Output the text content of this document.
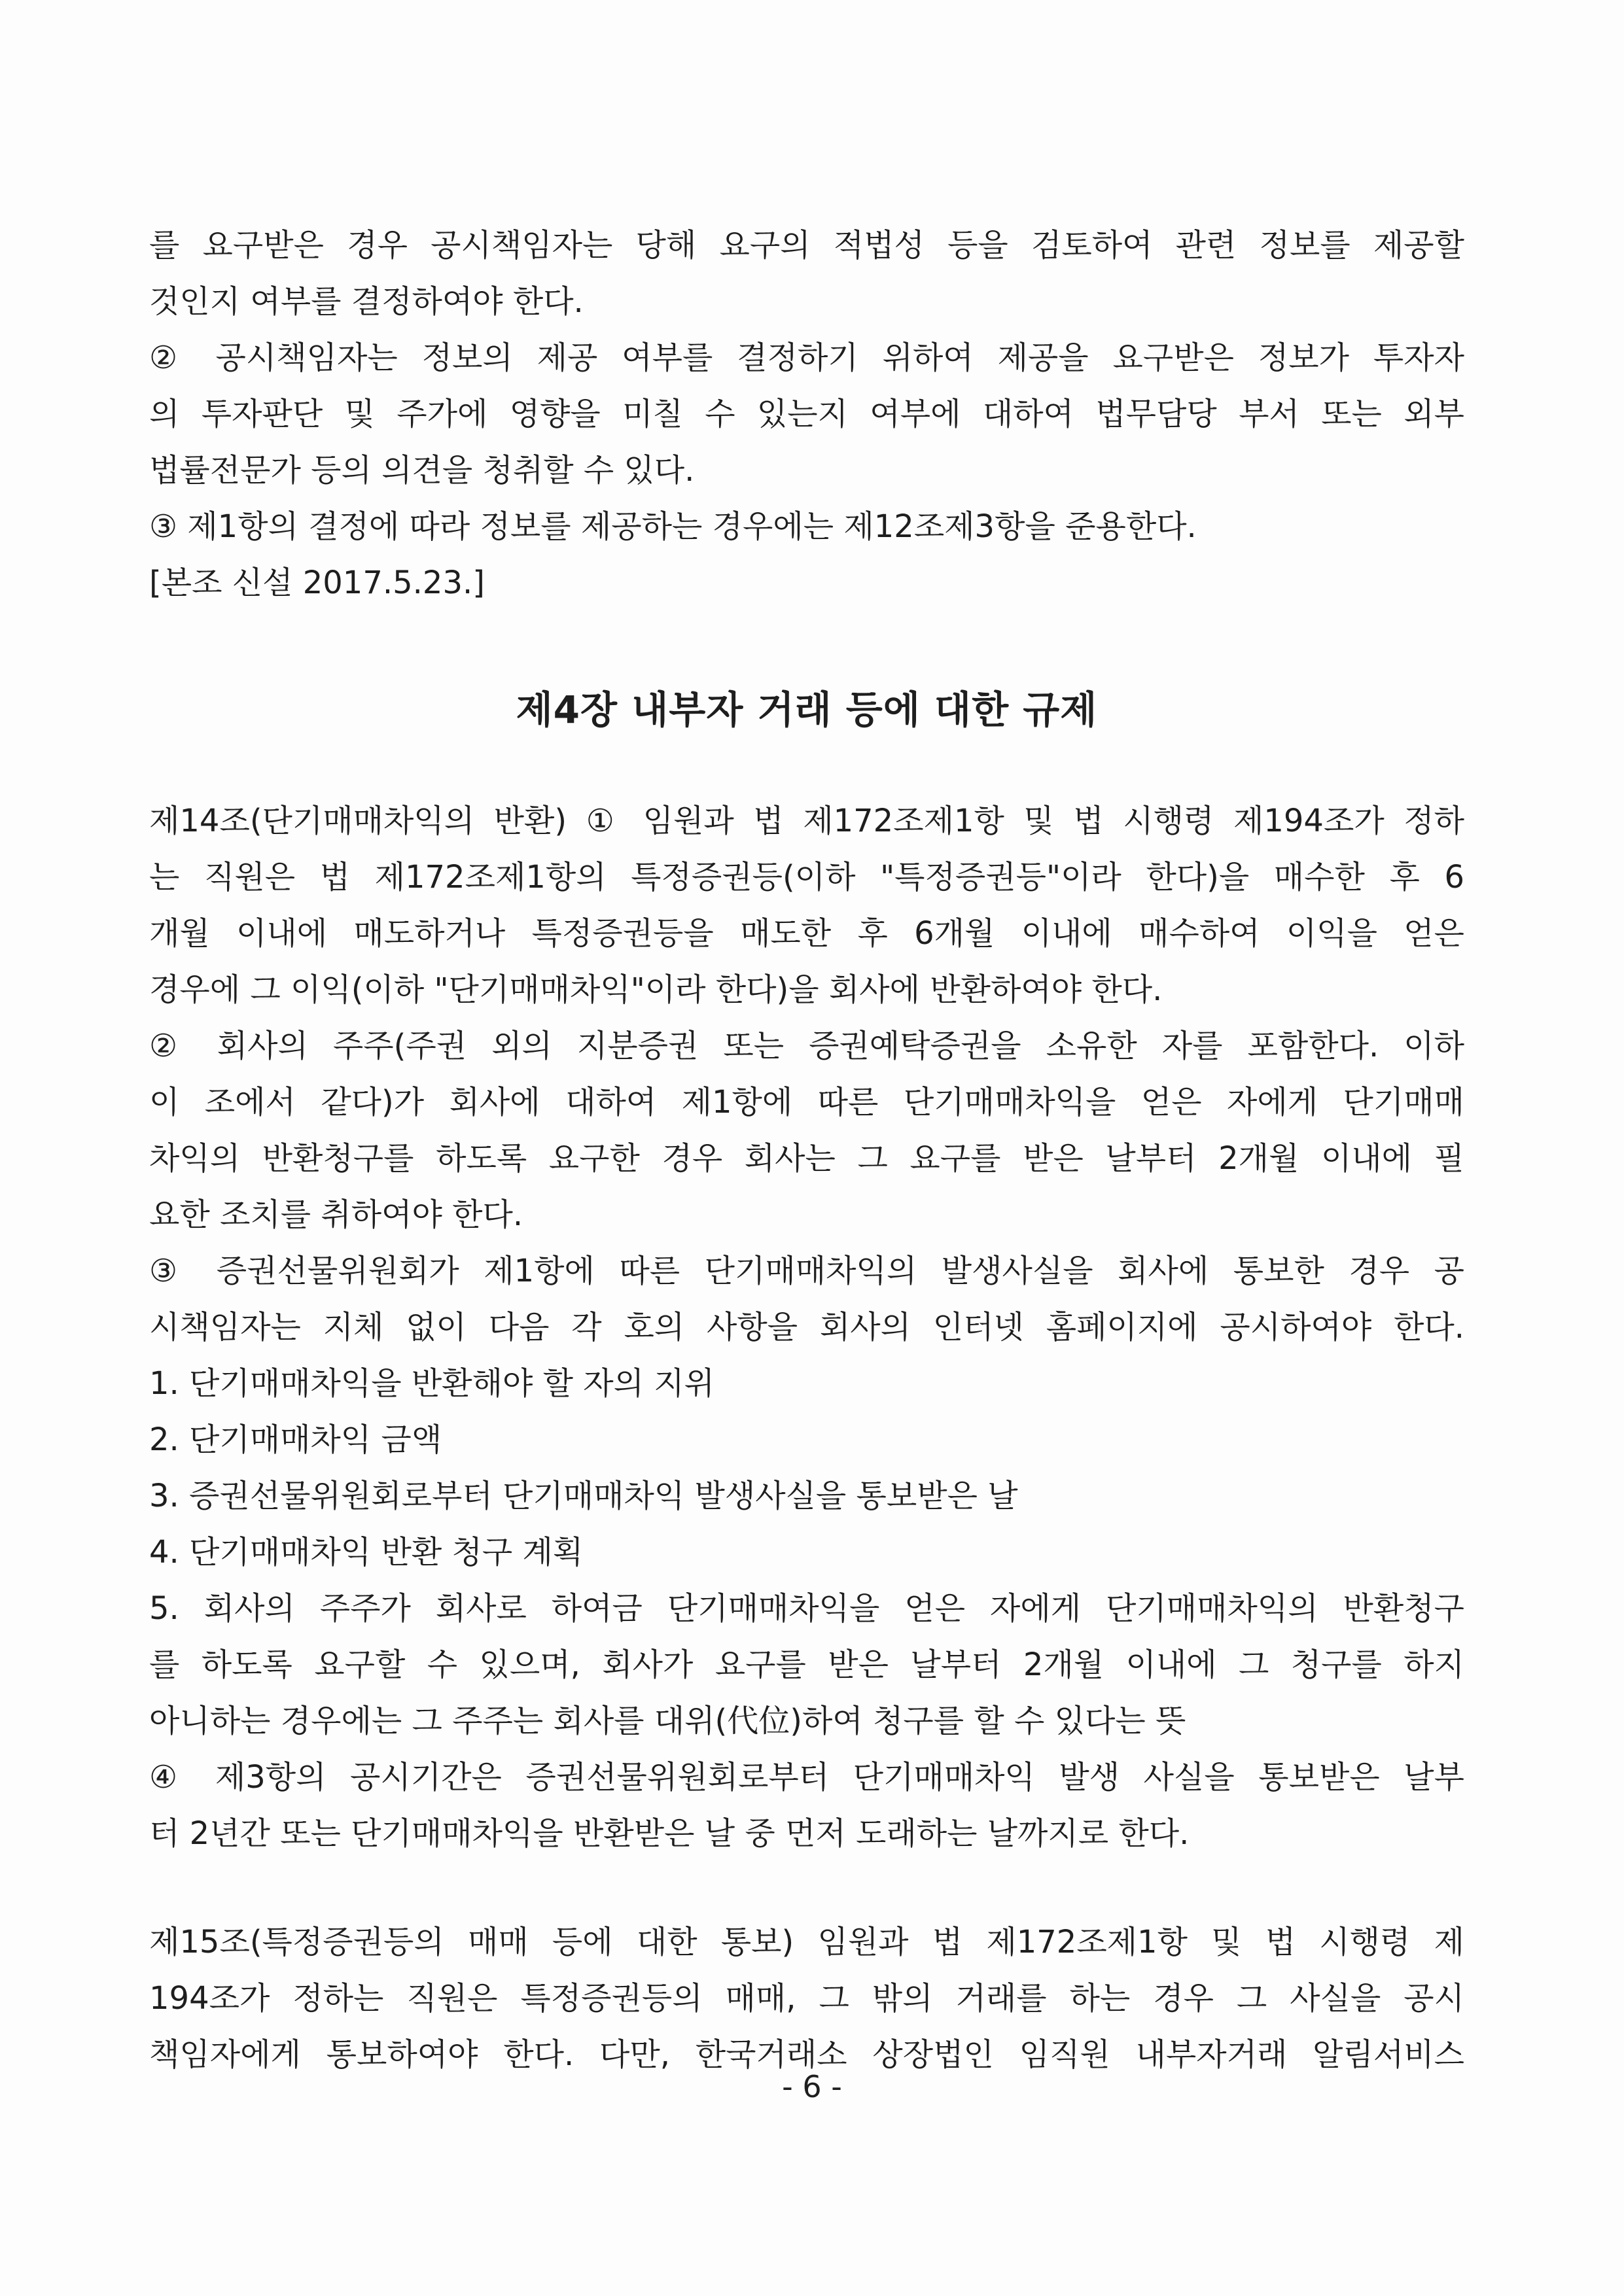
를 요구받은 경우 공시책임자는 당해 요구의 적법성 등을 검토하여 관련 정보를 제공할
것인지 여부를 결정하여야 한다.
② 공시책임자는 정보의 제공 여부를 결정하기 위하여 제공을 요구받은 정보가 투자자
의 투자판단 및 주가에 영향을 미칠 수 있는지 여부에 대하여 법무담당 부서 또는 외부
법률전문가 등의 의견을 청취할 수 있다.
③ 제1항의 결정에 따라 정보를 제공하는 경우에는 제12조제3항을 준용한다.
[본조 신설 2017.5.23.]
제4장 내부자 거래 등에 대한 규제
제14조(단기매매차익의 반환) ① 임원과 법 제172조제1항 및 법 시행령 제194조가 정하
는 직원은 법 제172조제1항의 특정증권등(이하 "특정증권등"이라 한다)을 매수한 후 6
개월 이내에 매도하거나 특정증권등을 매도한 후 6개월 이내에 매수하여 이익을 얻은
경우에 그 이익(이하 "단기매매차익"이라 한다)을 회사에 반환하여야 한다.
② 회사의 주주(주권 외의 지분증권 또는 증권예탁증권을 소유한 자를 포함한다. 이하
이 조에서 같다)가 회사에 대하여 제1항에 따른 단기매매차익을 얻은 자에게 단기매매
차익의 반환청구를 하도록 요구한 경우 회사는 그 요구를 받은 날부터 2개월 이내에 필
요한 조치를 취하여야 한다.
③ 증권선물위원회가 제1항에 따른 단기매매차익의 발생사실을 회사에 통보한 경우 공
시책임자는 지체 없이 다음 각 호의 사항을 회사의 인터넷 홈페이지에 공시하여야 한다.
1. 단기매매차익을 반환해야 할 자의 지위
2. 단기매매차익 금액
3. 증권선물위원회로부터 단기매매차익 발생사실을 통보받은 날
4. 단기매매차익 반환 청구 계획
5. 회사의 주주가 회사로 하여금 단기매매차익을 얻은 자에게 단기매매차익의 반환청구
를 하도록 요구할 수 있으며, 회사가 요구를 받은 날부터 2개월 이내에 그 청구를 하지
아니하는 경우에는 그 주주는 회사를 대위(代位)하여 청구를 할 수 있다는 뜻
④ 제3항의 공시기간은 증권선물위원회로부터 단기매매차익 발생 사실을 통보받은 날부
터 2년간 또는 단기매매차익을 반환받은 날 중 먼저 도래하는 날까지로 한다.
제15조(특정증권등의 매매 등에 대한 통보) 임원과 법 제172조제1항 및 법 시행령 제
194조가 정하는 직원은 특정증권등의 매매, 그 밖의 거래를 하는 경우 그 사실을 공시
책임자에게 통보하여야 한다. 다만, 한국거래소 상장법인 임직원 내부자거래 알림서비스
- 6 -
